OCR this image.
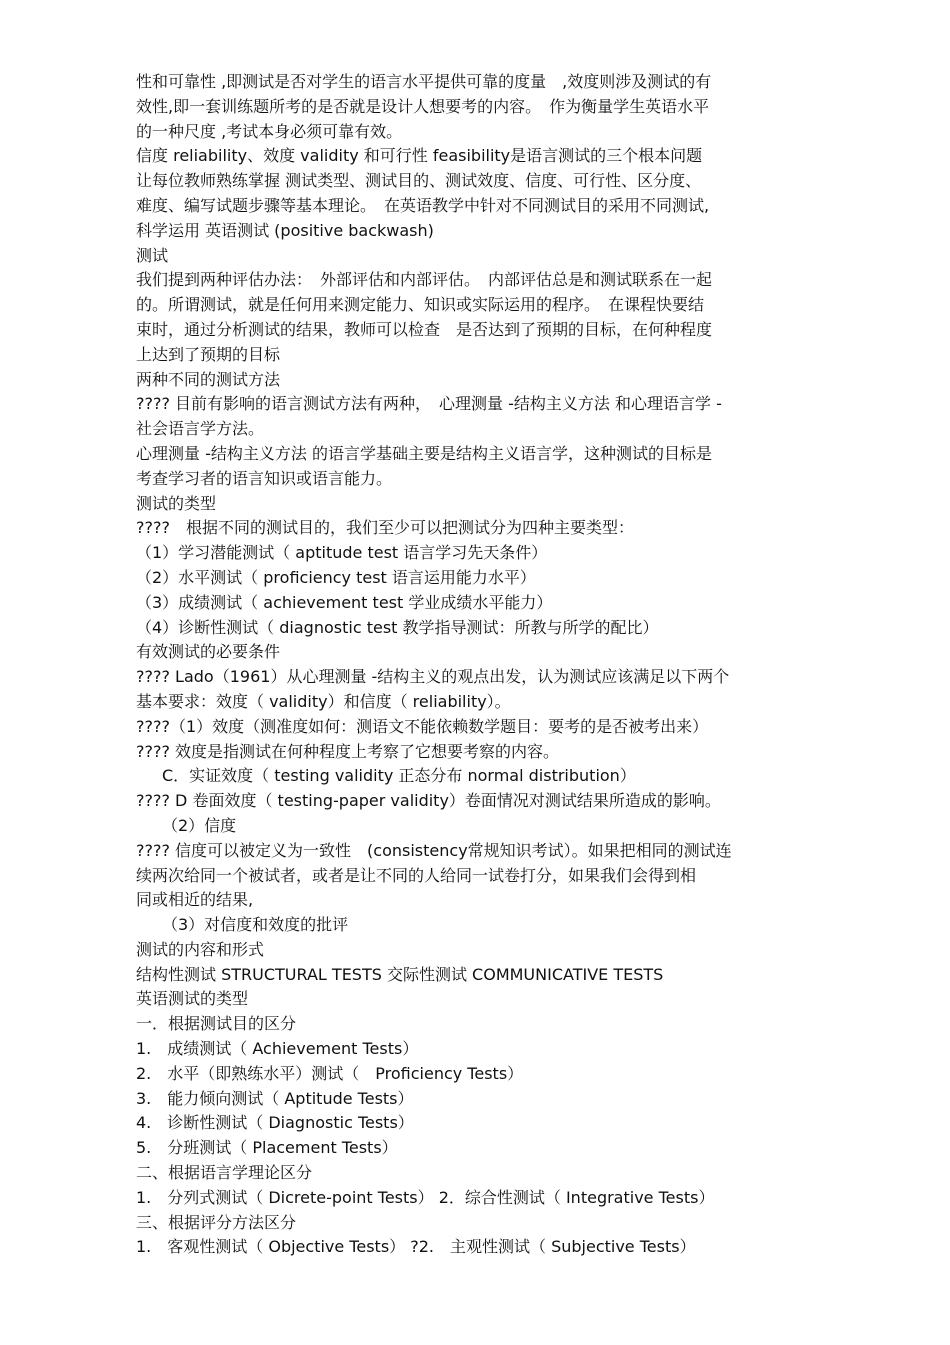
性和可靠性 ,即测试是否对学生的语言水平提供可靠的度量　,效度则涉及测试的有
效性,即一套训练题所考的是否就是设计人想要考的内容。　作为衡量学生英语水平
的一种尺度 ,考试本身必须可靠有效。
信度 reliability、效度 validity 和可行性 feasibility是语言测试的三个根本问题
让每位教师熟练掌握 测试类型、测试目的、测试效度、信度、可行性、区分度、
难度、编写试题步骤等基本理论。　在英语教学中针对不同测试目的采用不同测试,
科学运用 英语测试 (positive backwash)
测试
我们提到两种评估办法：　外部评估和内部评估。　内部评估总是和测试联系在一起
的。所谓测试，就是任何用来测定能力、知识或实际运用的程序。　在课程快要结
束时，通过分析测试的结果，教师可以检查　是否达到了预期的目标，在何种程度
上达到了预期的目标
两种不同的测试方法
???? 目前有影响的语言测试方法有两种，　心理测量 -结构主义方法 和心理语言学 -
社会语言学方法。
心理测量 -结构主义方法 的语言学基础主要是结构主义语言学，这种测试的目标是
考查学习者的语言知识或语言能力。
测试的类型
????　根据不同的测试目的，我们至少可以把测试分为四种主要类型：
（1）学习潜能测试（ aptitude test 语言学习先天条件）
（2）水平测试（ proficiency test 语言运用能力水平）
（3）成绩测试（ achievement test 学业成绩水平能力）
（4）诊断性测试（ diagnostic test 教学指导测试：所教与所学的配比）
有效测试的必要条件
???? Lado（1961）从心理测量 -结构主义的观点出发，认为测试应该满足以下两个
基本要求：效度（ validity）和信度（ reliability）。
????（1）效度（测准度如何：测语文不能依赖数学题目：要考的是否被考出来）
???? 效度是指测试在何种程度上考察了它想要考察的内容。
C．实证效度（ testing validity 正态分布 normal distribution）
???? D 卷面效度（ testing-paper validity）卷面情况对测试结果所造成的影响。
（2）信度
???? 信度可以被定义为一致性　(consistency常规知识考试）。如果把相同的测试连
续两次给同一个被试者，或者是让不同的人给同一试卷打分，如果我们会得到相
同或相近的结果,
（3）对信度和效度的批评
测试的内容和形式
结构性测试 STRUCTURAL TESTS 交际性测试 COMMUNICATIVE TESTS
英语测试的类型
一．根据测试目的区分
1.　成绩测试（ Achievement Tests）
2.　水平（即熟练水平）测试（　Proficiency Tests）
3.　能力倾向测试（ Aptitude Tests）
4.　诊断性测试（ Diagnostic Tests）
5.　分班测试（ Placement Tests）
二、根据语言学理论区分
1.　分列式测试（ Dicrete-point Tests） 2．综合性测试（ Integrative Tests）
三、根据评分方法区分
1.　客观性测试（ Objective Tests） ?2.　主观性测试（ Subjective Tests）
